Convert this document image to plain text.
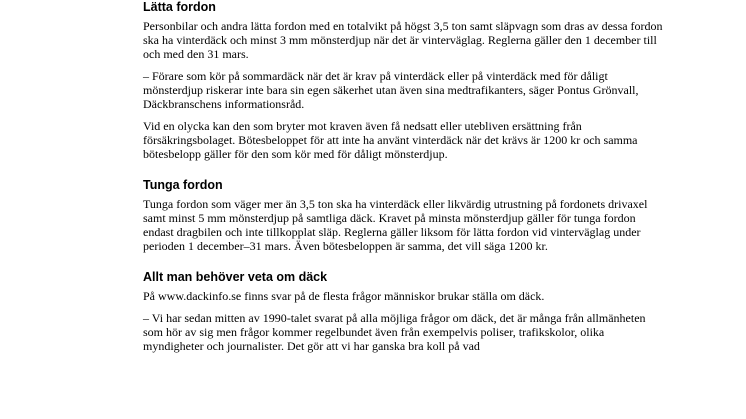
Lätta fordon

Personbilar och andra lätta fordon med en totalvikt på högst 3,5 ton samt släpvagn som dras av dessa fordon ska ha vinterdäck och minst 3 mm mönsterdjup när det är vinterväglag. Reglerna gäller den 1 december till och med den 31 mars.

– Förare som kör på sommardäck när det är krav på vinterdäck eller på vinterdäck med för dåligt mönsterdjup riskerar inte bara sin egen säkerhet utan även sina medtrafikanters, säger Pontus Grönvall, Däckbranschens informationsråd.

Vid en olycka kan den som bryter mot kraven även få nedsatt eller utebliven ersättning från försäkringsbolaget. Bötesbeloppet för att inte ha använt vinterdäck när det krävs är 1200 kr och samma bötesbelopp gäller för den som kör med för dåligt mönsterdjup.

Tunga fordon

Tunga fordon som väger mer än 3,5 ton ska ha vinterdäck eller likvärdig utrustning på fordonets drivaxel samt minst 5 mm mönsterdjup på samtliga däck. Kravet på minsta mönsterdjup gäller för tunga fordon endast dragbilen och inte tillkopplat släp. Reglerna gäller liksom för lätta fordon vid vinterväglag under perioden 1 december–31 mars. Även bötesbeloppen är samma, det vill säga 1200 kr.

Allt man behöver veta om däck

På www.dackinfo.se finns svar på de flesta frågor människor brukar ställa om däck.

– Vi har sedan mitten av 1990-talet svarat på alla möjliga frågor om däck, det är många från allmänheten som hör av sig men frågor kommer regelbundet även från exempelvis poliser, trafikskolor, olika myndigheter och journalister. Det gör att vi har ganska bra koll på vad
